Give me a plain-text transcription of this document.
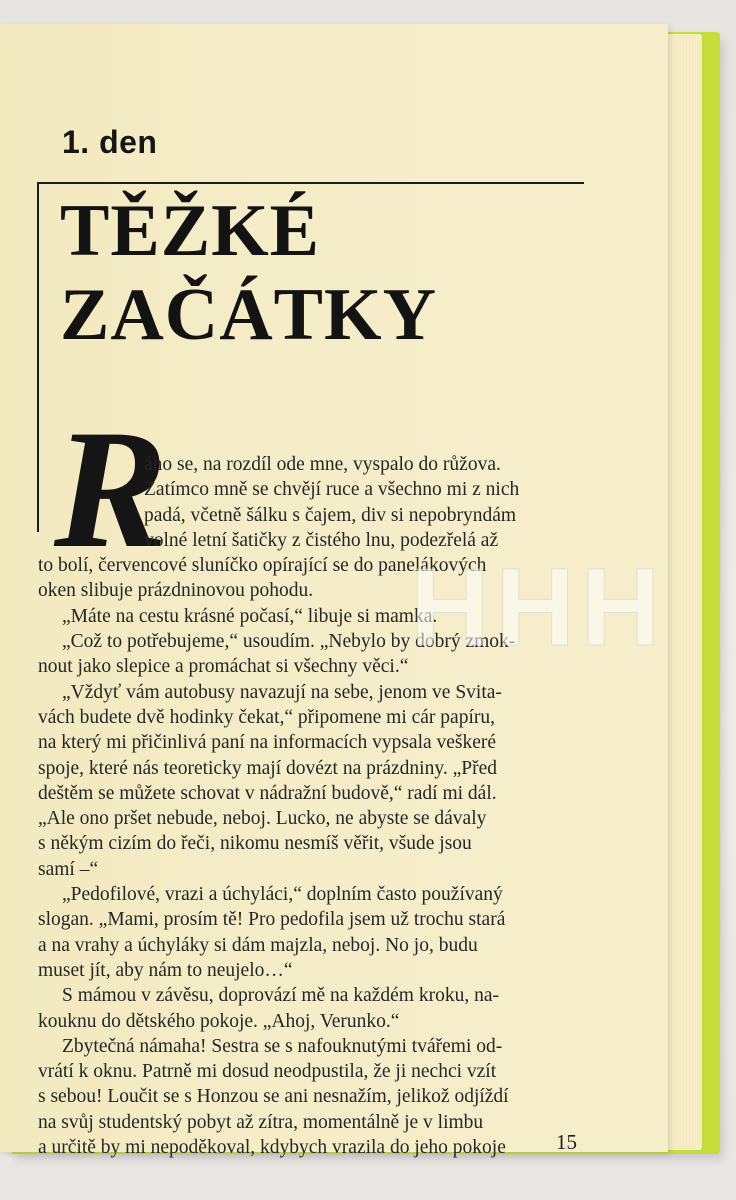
1. den
TĚŽKÉ
ZAČÁTKY
R
áno se, na rozdíl ode mne, vyspalo do růžova.
Zatímco mně se chvějí ruce a všechno mi z nich
padá, včetně šálku s čajem, div si nepobryndám
volné letní šatičky z čistého lnu, podezřelá až
to bolí, červencové sluníčko opírající se do panelákových
oken slibuje prázdninovou pohodu.
„Máte na cestu krásné počasí,“ libuje si mamka.
„Což to potřebujeme,“ usoudím. „Nebylo by dobrý zmok-
nout jako slepice a promáchat si všechny věci.“
„Vždyť vám autobusy navazují na sebe, jenom ve Svita-
vách budete dvě hodinky čekat,“ připomene mi cár papíru,
na který mi přičinlivá paní na informacích vypsala veškeré
spoje, které nás teoreticky mají dovézt na prázdniny. „Před
deštěm se můžete schovat v nádražní budově,“ radí mi dál.
„Ale ono pršet nebude, neboj. Lucko, ne abyste se dávaly
s někým cizím do řeči, nikomu nesmíš věřit, všude jsou
samí –“
„Pedofilové, vrazi a úchyláci,“ doplním často používaný
slogan. „Mami, prosím tě! Pro pedofila jsem už trochu stará
a na vrahy a úchyláky si dám majzla, neboj. No jo, budu
muset jít, aby nám to neujelo…“
S mámou v závěsu, doprovází mě na každém kroku, na-
kouknu do dětského pokoje. „Ahoj, Verunko.“
Zbytečná námaha! Sestra se s nafouknutými tvářemi od-
vrátí k oknu. Patrně mi dosud neodpustila, že ji nechci vzít
s sebou! Loučit se s Honzou se ani nesnažím, jelikož odjíždí
na svůj studentský pobyt až zítra, momentálně je v limbu
a určitě by mi nepoděkoval, kdybych vrazila do jeho pokoje
HHH
15
